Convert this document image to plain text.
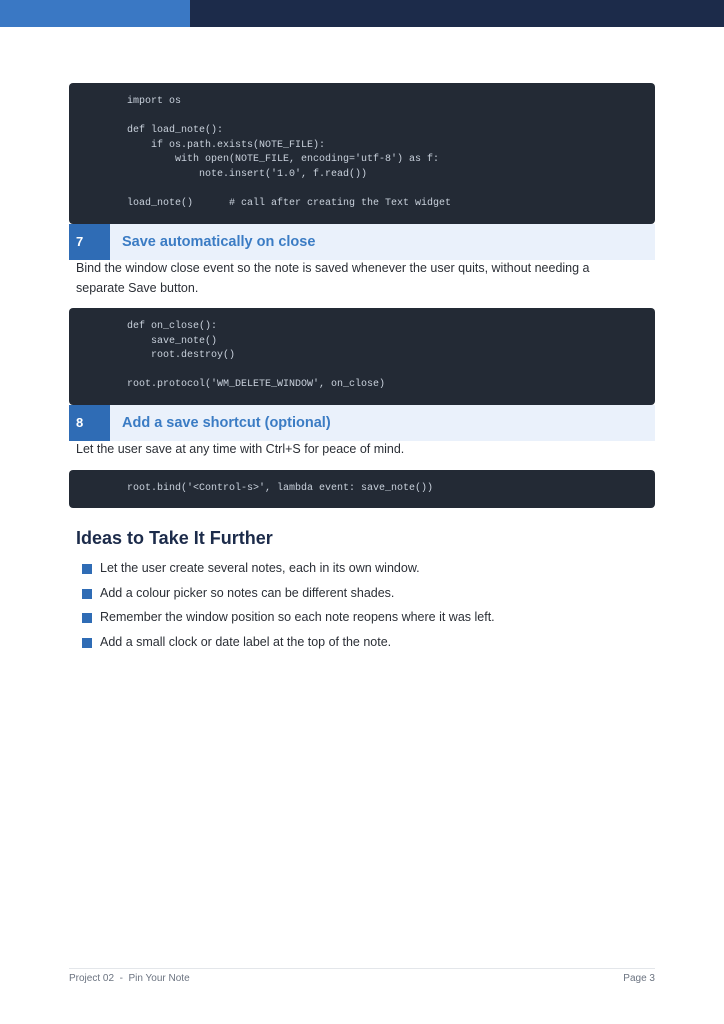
import os
def load_note():
if os.path.exists(NOTE_FILE):
with open(NOTE_FILE, encoding='utf-8') as f:
note.insert('1.0', f.read())
load_note()      # call after creating the Text widget
7	Save automatically on close
Bind the window close event so the note is saved whenever the user quits, without needing a separate Save button.
def on_close():
save_note()
root.destroy()
root.protocol('WM_DELETE_WINDOW', on_close)
8	Add a save shortcut (optional)
Let the user save at any time with Ctrl+S for peace of mind.
root.bind('<Control-s>', lambda event: save_note())
Ideas to Take It Further
Let the user create several notes, each in its own window.
Add a colour picker so notes can be different shades.
Remember the window position so each note reopens where it was left.
Add a small clock or date label at the top of the note.
Project 02  -  Pin Your Note	Page 3
